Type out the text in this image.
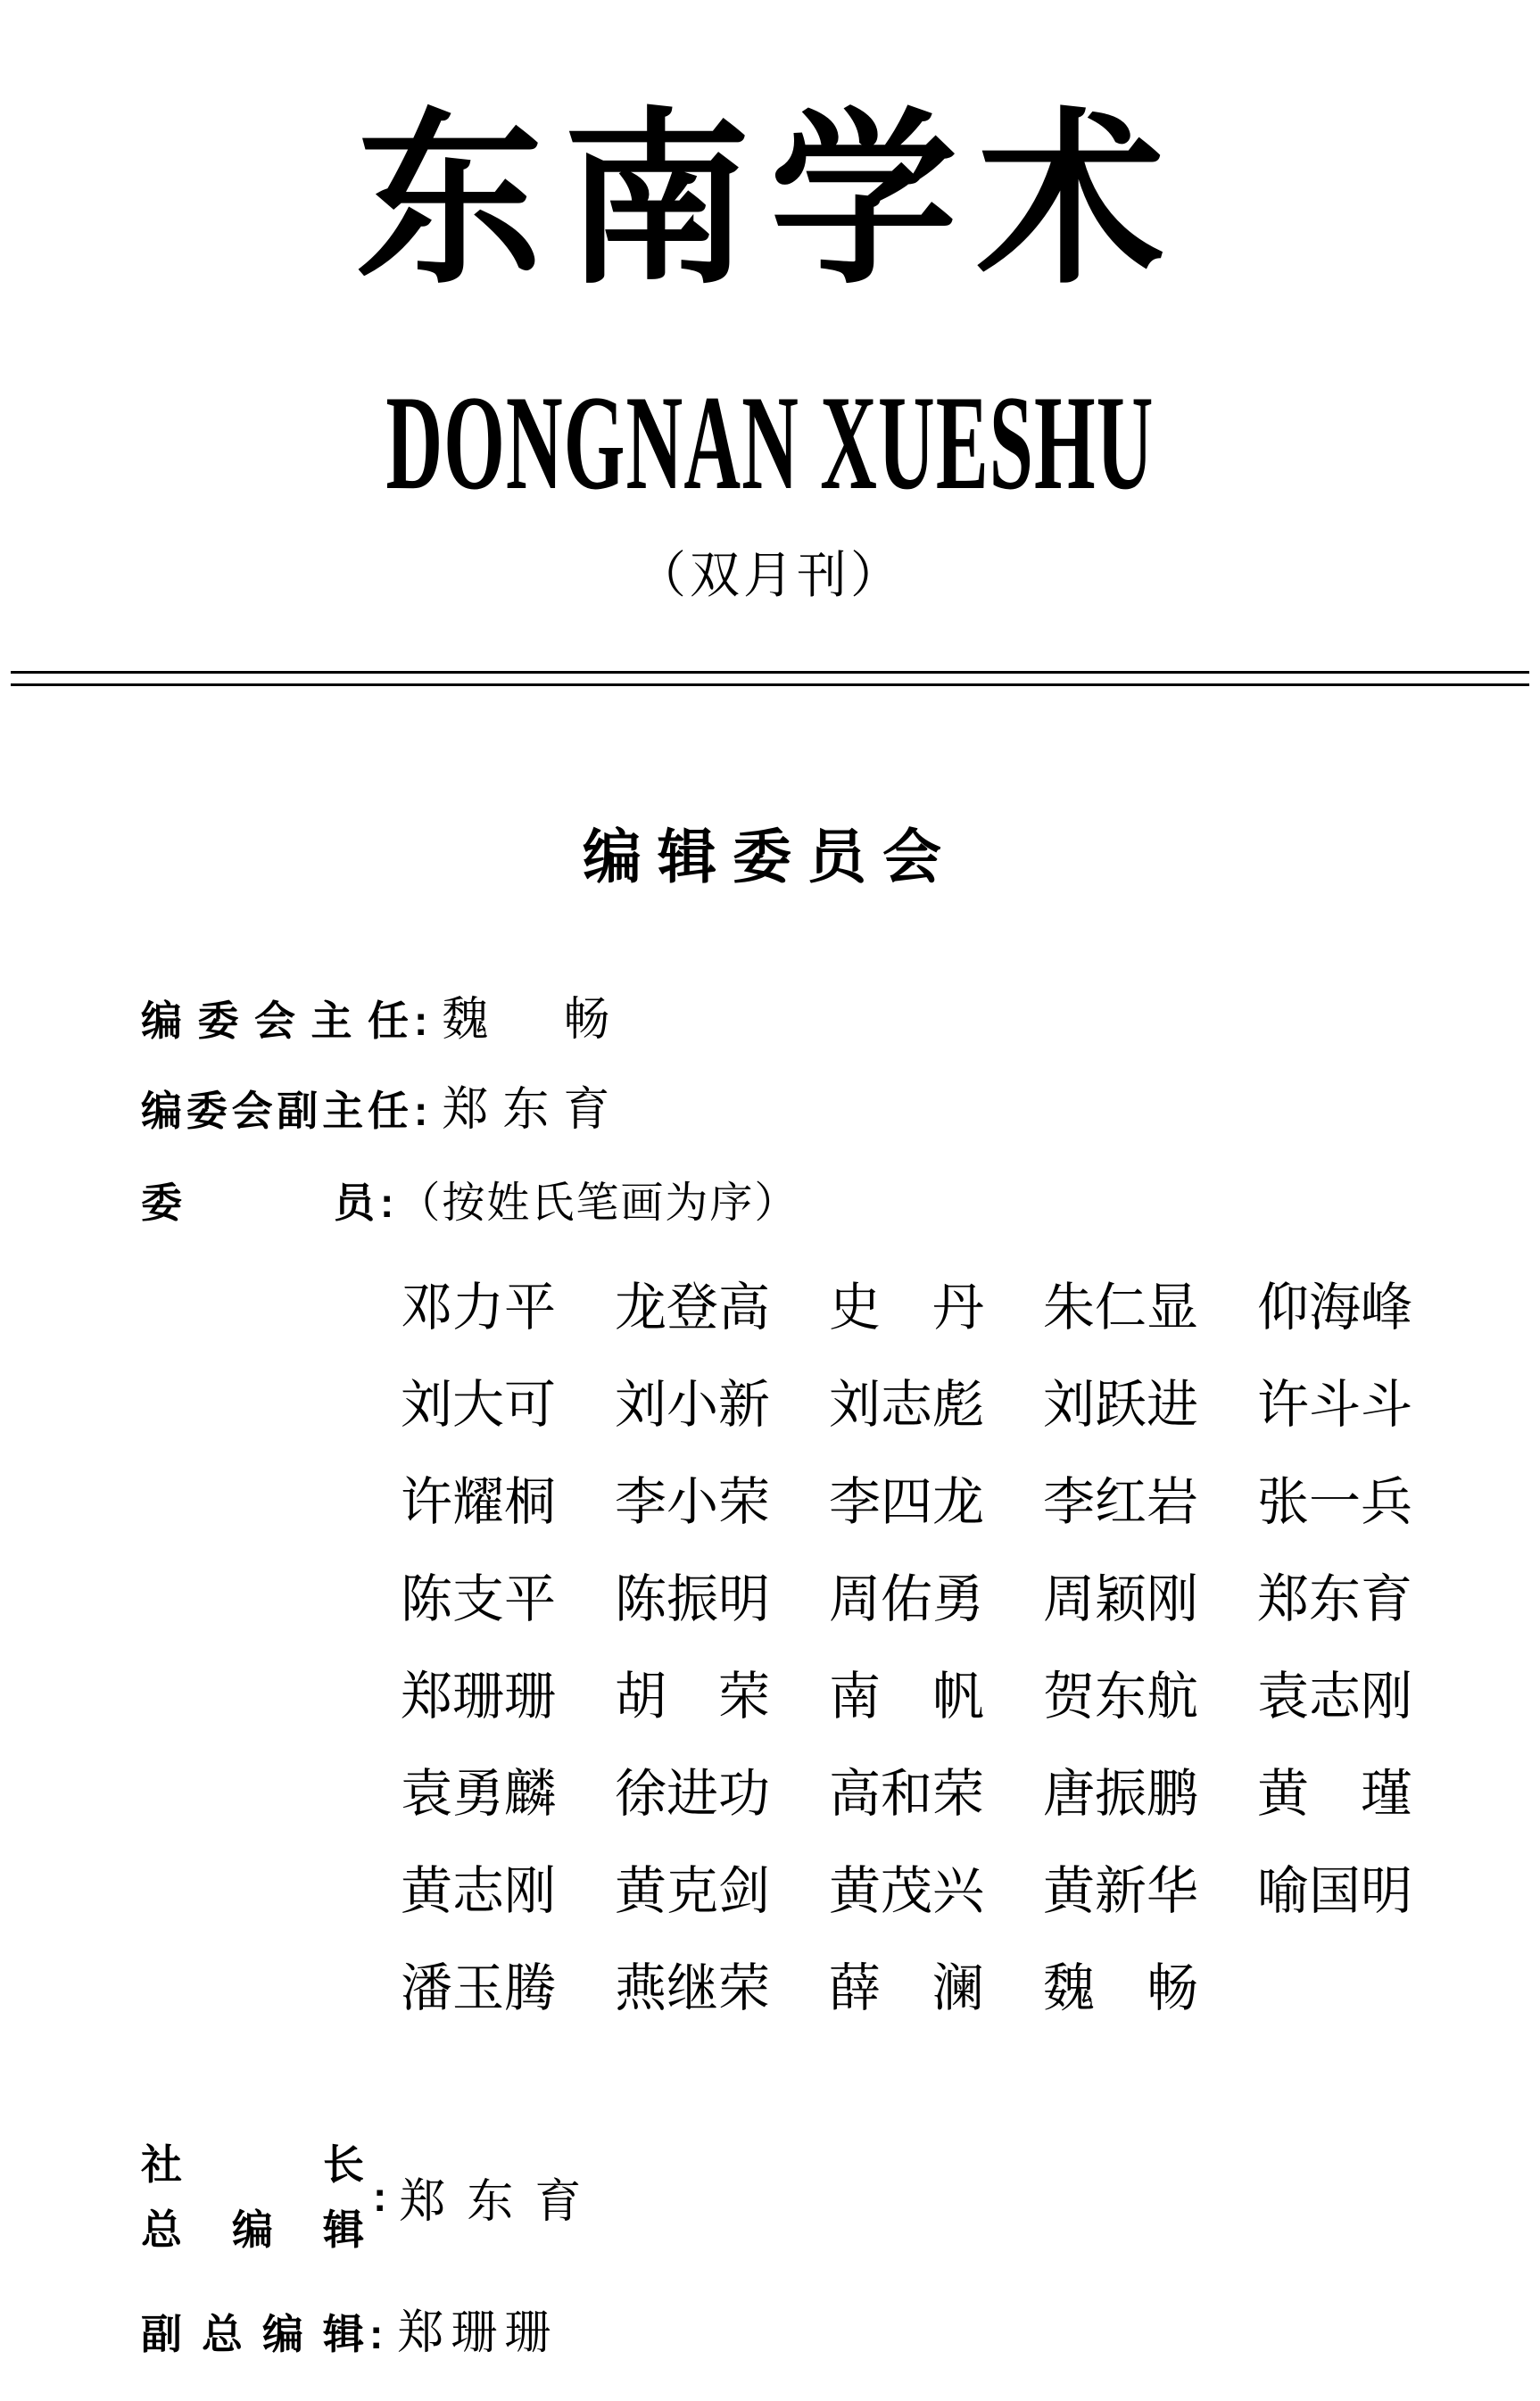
东南学术
DONGNAN XUESHU
（双月刊）
编辑委员会
编 委 会 主 任 : 魏　畅
编 委 会 副 主 任 : 郑东育
委	员 : （按姓氏笔画为序）
邓力平 龙登高 史　丹 朱仁显 仰海峰
刘大可 刘小新 刘志彪 刘跃进 许斗斗
许耀桐 李小荣 李四龙 李红岩 张一兵
陈支平 陈振明 周佑勇 周颖刚 郑东育
郑珊珊 胡　荣 南　帆 贺东航 袁志刚
袁勇麟 徐进功 高和荣 唐振鹏 黄　瑾
黄志刚 黄克剑 黄茂兴 黄新华 喻国明
潘玉腾 燕继荣 薛　澜 魏　畅
社	长
总 编 辑
: 郑东育
副 总 编 辑 : 郑珊珊
